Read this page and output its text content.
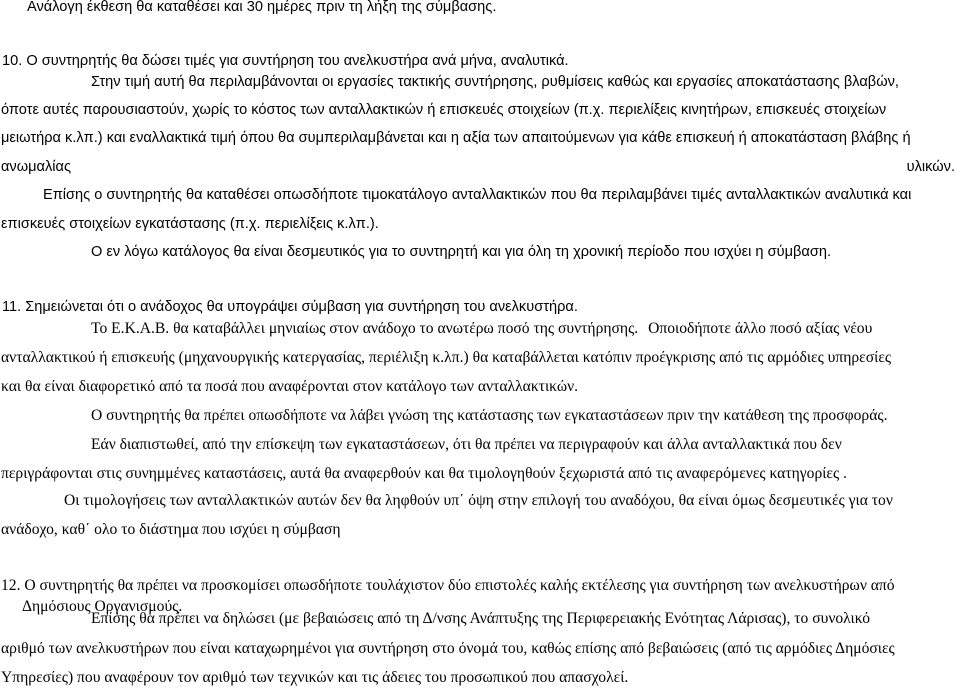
Ανάλογη έκθεση θα καταθέσει και 30 ημέρες πριν τη λήξη της σύμβασης.
10. Ο συντηρητής θα δώσει τιμές για συντήρηση του ανελκυστήρα ανά μήνα, αναλυτικά.
Στην τιμή αυτή θα περιλαμβάνονται οι εργασίες τακτικής συντήρησης, ρυθμίσεις καθώς και εργασίες αποκατάστασης βλαβών,
όποτε αυτές παρουσιαστούν, χωρίς το κόστος των ανταλλακτικών ή επισκευές στοιχείων (π.χ. περιελίξεις κινητήρων, επισκευές στοιχείων
μειωτήρα κ.λπ.) και εναλλακτικά τιμή όπου θα συμπεριλαμβάνεται και η αξία των απαιτούμενων για κάθε επισκευή ή αποκατάσταση βλάβης ή
ανωμαλίας	υλικών.
Επίσης ο συντηρητής θα καταθέσει οπωσδήποτε τιμοκατάλογο ανταλλακτικών που θα περιλαμβάνει τιμές ανταλλακτικών αναλυτικά και
επισκευές στοιχείων εγκατάστασης (π.χ. περιελίξεις κ.λπ.).
Ο εν λόγω κατάλογος θα είναι δεσμευτικός για το συντηρητή και για όλη τη χρονική περίοδο που ισχύει η σύμβαση.
11. Σημειώνεται ότι ο ανάδοχος θα υπογράψει σύμβαση για συντήρηση του ανελκυστήρα.
Το Ε.Κ.Α.Β. θα καταβάλλει μηνιαίως στον ανάδοχο το ανωτέρω ποσό της συντήρησης. Οποιοδήποτε άλλο ποσό αξίας νέου
ανταλλακτικού ή επισκευής (μηχανουργικής κατεργασίας, περιέλιξη κ.λπ.) θα καταβάλλεται κατόπιν προέγκρισης από τις αρμόδιες υπηρεσίες
και θα είναι διαφορετικό από τα ποσά που αναφέρονται στον κατάλογο των ανταλλακτικών.
Ο συντηρητής θα πρέπει οπωσδήποτε να λάβει γνώση της κατάστασης των εγκαταστάσεων πριν την κατάθεση της προσφοράς.
Εάν διαπιστωθεί, από την επίσκεψη των εγκαταστάσεων, ότι θα πρέπει να περιγραφούν και άλλα ανταλλακτικά που δεν
περιγράφονται στις συνημμένες καταστάσεις, αυτά θα αναφερθούν και θα τιμολογηθούν ξεχωριστά από τις αναφερόμενες κατηγορίες .
Οι τιμολογήσεις των ανταλλακτικών αυτών δεν θα ληφθούν υπ΄ όψη στην επιλογή του αναδόχου, θα είναι όμως δεσμευτικές για τον
ανάδοχο, καθ΄ ολο το διάστημα που ισχύει η σύμβαση
12. Ο συντηρητής θα πρέπει να προσκομίσει οπωσδήποτε τουλάχιστον δύο επιστολές καλής εκτέλεσης για συντήρηση των ανελκυστήρων από
Δημόσιους Οργανισμούς.
Επίσης θα πρέπει να δηλώσει (με βεβαιώσεις από τη Δ/νσης Ανάπτυξης της Περιφερειακής Ενότητας Λάρισας), το συνολικό
αριθμό των ανελκυστήρων που είναι καταχωρημένοι για συντήρηση στο όνομά του, καθώς επίσης από βεβαιώσεις (από τις αρμόδιες Δημόσιες
Υπηρεσίες) που αναφέρουν τον αριθμό των τεχνικών και τις άδειες του προσωπικού που απασχολεί.
